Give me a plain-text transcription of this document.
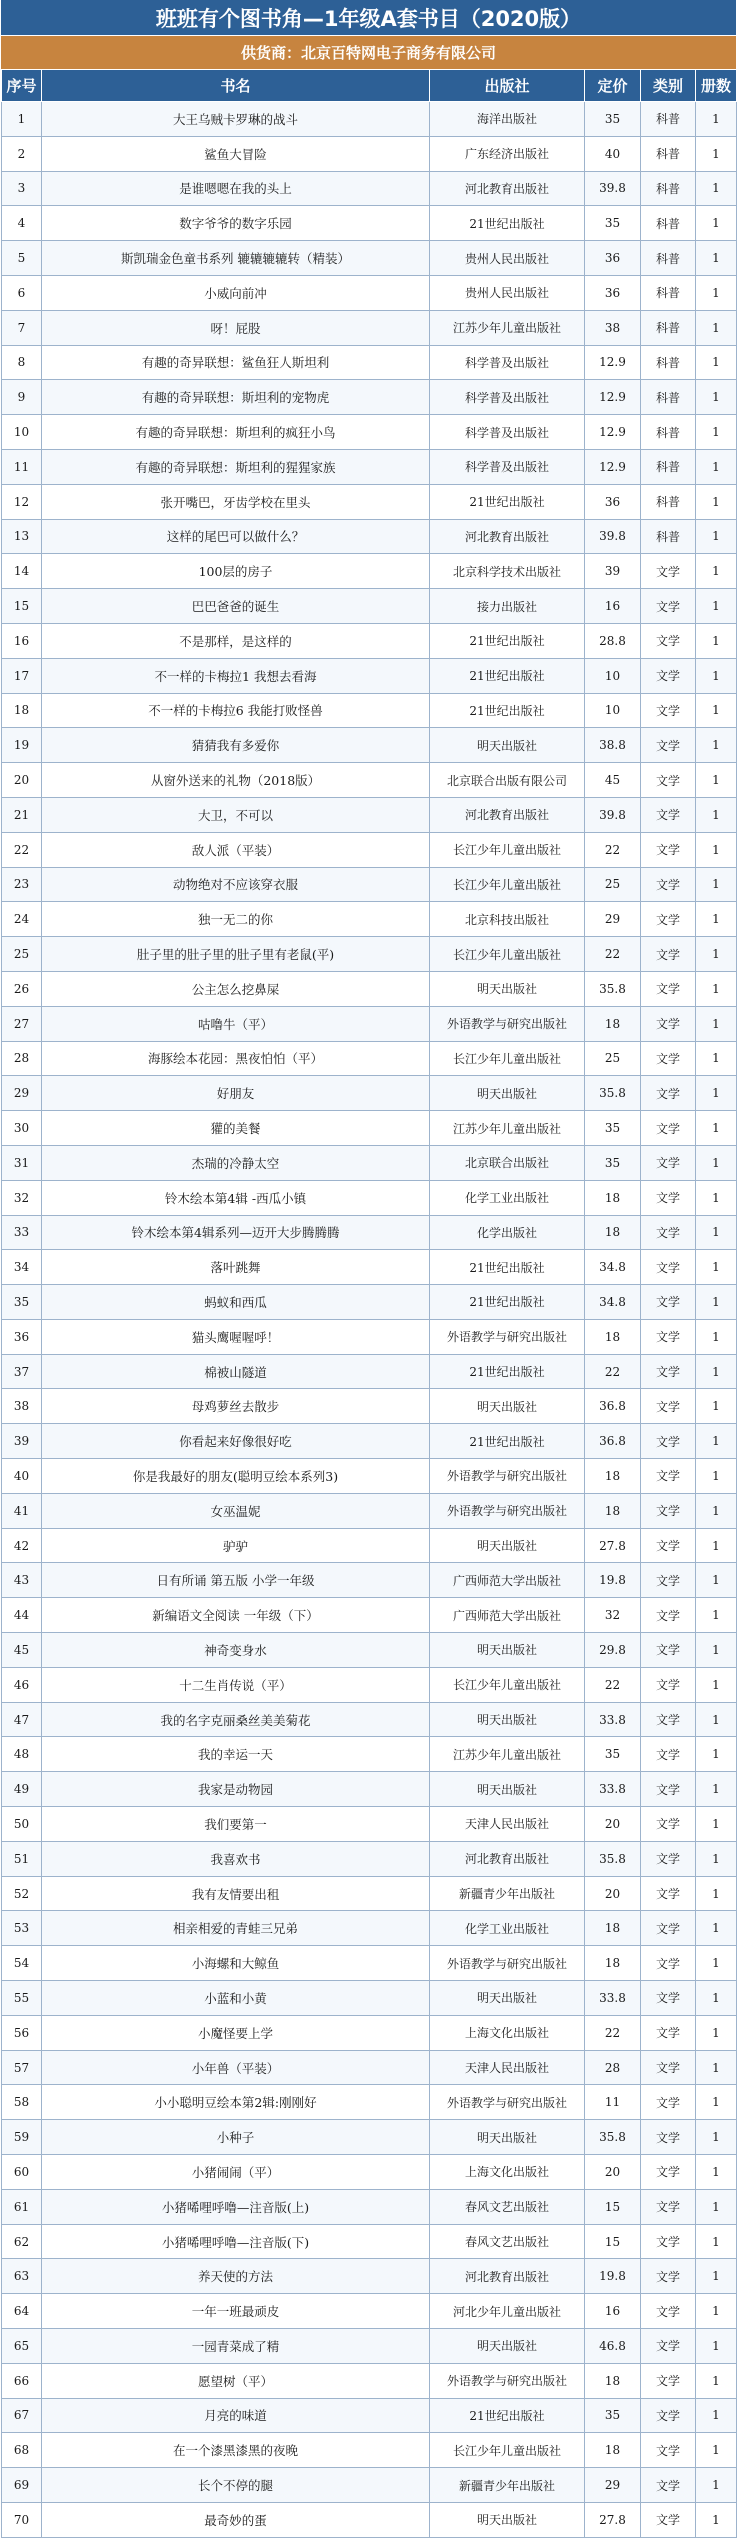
班班有个图书角—1年级A套书目（2020版）
供货商：北京百特网电子商务有限公司
序号	书名	出版社	定价	类别	册数
1	大王乌贼卡罗琳的战斗	海洋出版社	35	科普	1
2	鲨鱼大冒险	广东经济出版社	40	科普	1
3	是谁嗯嗯在我的头上	河北教育出版社	39.8	科普	1
4	数字爷爷的数字乐园	21世纪出版社	35	科普	1
5	斯凯瑞金色童书系列 辘辘辘辘转（精装）	贵州人民出版社	36	科普	1
6	小威向前冲	贵州人民出版社	36	科普	1
7	呀！屁股	江苏少年儿童出版社	38	科普	1
8	有趣的奇异联想：鲨鱼狂人斯坦利	科学普及出版社	12.9	科普	1
9	有趣的奇异联想：斯坦利的宠物虎	科学普及出版社	12.9	科普	1
10	有趣的奇异联想：斯坦利的疯狂小鸟	科学普及出版社	12.9	科普	1
11	有趣的奇异联想：斯坦利的猩猩家族	科学普及出版社	12.9	科普	1
12	张开嘴巴，牙齿学校在里头	21世纪出版社	36	科普	1
13	这样的尾巴可以做什么？	河北教育出版社	39.8	科普	1
14	100层的房子	北京科学技术出版社	39	文学	1
15	巴巴爸爸的诞生	接力出版社	16	文学	1
16	不是那样，是这样的	21世纪出版社	28.8	文学	1
17	不一样的卡梅拉1 我想去看海	21世纪出版社	10	文学	1
18	不一样的卡梅拉6 我能打败怪兽	21世纪出版社	10	文学	1
19	猜猜我有多爱你	明天出版社	38.8	文学	1
20	从窗外送来的礼物（2018版）	北京联合出版有限公司	45	文学	1
21	大卫，不可以	河北教育出版社	39.8	文学	1
22	敌人派（平装）	长江少年儿童出版社	22	文学	1
23	动物绝对不应该穿衣服	长江少年儿童出版社	25	文学	1
24	独一无二的你	北京科技出版社	29	文学	1
25	肚子里的肚子里的肚子里有老鼠(平)	长江少年儿童出版社	22	文学	1
26	公主怎么挖鼻屎	明天出版社	35.8	文学	1
27	咕噜牛（平）	外语教学与研究出版社	18	文学	1
28	海豚绘本花园：黑夜怕怕（平）	长江少年儿童出版社	25	文学	1
29	好朋友	明天出版社	35.8	文学	1
30	獾的美餐	江苏少年儿童出版社	35	文学	1
31	杰瑞的冷静太空	北京联合出版社	35	文学	1
32	铃木绘本第4辑 -西瓜小镇	化学工业出版社	18	文学	1
33	铃木绘本第4辑系列—迈开大步腾腾腾	化学出版社	18	文学	1
34	落叶跳舞	21世纪出版社	34.8	文学	1
35	蚂蚁和西瓜	21世纪出版社	34.8	文学	1
36	猫头鹰喔喔呼！	外语教学与研究出版社	18	文学	1
37	棉被山隧道	21世纪出版社	22	文学	1
38	母鸡萝丝去散步	明天出版社	36.8	文学	1
39	你看起来好像很好吃	21世纪出版社	36.8	文学	1
40	你是我最好的朋友(聪明豆绘本系列3)	外语教学与研究出版社	18	文学	1
41	女巫温妮	外语教学与研究出版社	18	文学	1
42	驴驴	明天出版社	27.8	文学	1
43	日有所诵 第五版 小学一年级	广西师范大学出版社	19.8	文学	1
44	新编语文全阅读 一年级（下）	广西师范大学出版社	32	文学	1
45	神奇变身水	明天出版社	29.8	文学	1
46	十二生肖传说（平）	长江少年儿童出版社	22	文学	1
47	我的名字克丽桑丝美美菊花	明天出版社	33.8	文学	1
48	我的幸运一天	江苏少年儿童出版社	35	文学	1
49	我家是动物园	明天出版社	33.8	文学	1
50	我们要第一	天津人民出版社	20	文学	1
51	我喜欢书	河北教育出版社	35.8	文学	1
52	我有友情要出租	新疆青少年出版社	20	文学	1
53	相亲相爱的青蛙三兄弟	化学工业出版社	18	文学	1
54	小海螺和大鲸鱼	外语教学与研究出版社	18	文学	1
55	小蓝和小黄	明天出版社	33.8	文学	1
56	小魔怪要上学	上海文化出版社	22	文学	1
57	小年兽（平装）	天津人民出版社	28	文学	1
58	小小聪明豆绘本第2辑:刚刚好	外语教学与研究出版社	11	文学	1
59	小种子	明天出版社	35.8	文学	1
60	小猪闹闹（平）	上海文化出版社	20	文学	1
61	小猪唏哩呼噜—注音版(上)	春风文艺出版社	15	文学	1
62	小猪唏哩呼噜—注音版(下)	春风文艺出版社	15	文学	1
63	养天使的方法	河北教育出版社	19.8	文学	1
64	一年一班最顽皮	河北少年儿童出版社	16	文学	1
65	一园青菜成了精	明天出版社	46.8	文学	1
66	愿望树（平）	外语教学与研究出版社	18	文学	1
67	月亮的味道	21世纪出版社	35	文学	1
68	在一个漆黑漆黑的夜晚	长江少年儿童出版社	18	文学	1
69	长个不停的腿	新疆青少年出版社	29	文学	1
70	最奇妙的蛋	明天出版社	27.8	文学	1
